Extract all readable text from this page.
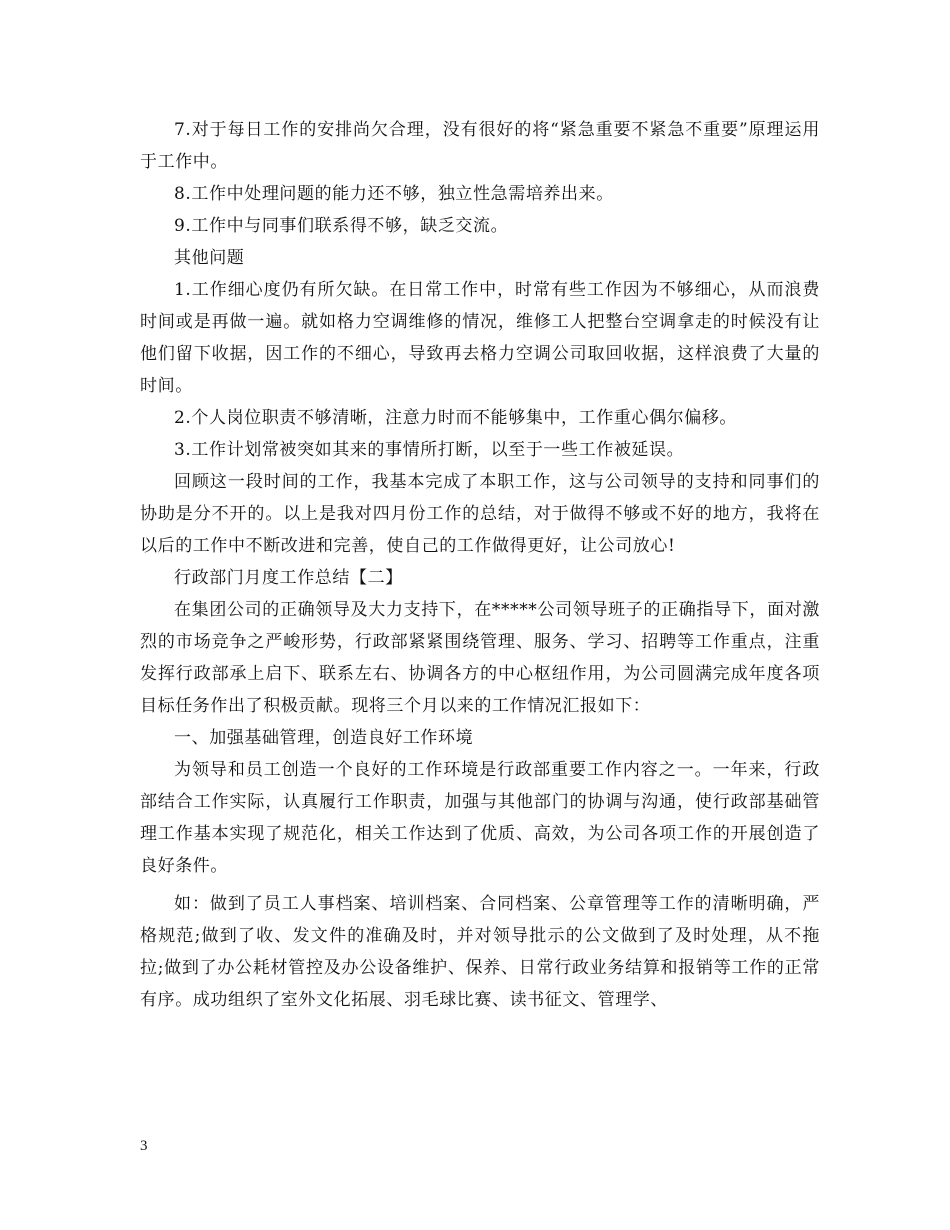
7.对于每日工作的安排尚欠合理，没有很好的将“紧急重要不紧急不重要”原理运用于工作中。

8.工作中处理问题的能力还不够，独立性急需培养出来。

9.工作中与同事们联系得不够，缺乏交流。

其他问题

1.工作细心度仍有所欠缺。在日常工作中，时常有些工作因为不够细心，从而浪费时间或是再做一遍。就如格力空调维修的情况，维修工人把整台空调拿走的时候没有让他们留下收据，因工作的不细心，导致再去格力空调公司取回收据，这样浪费了大量的时间。

2.个人岗位职责不够清晰，注意力时而不能够集中，工作重心偶尔偏移。

3.工作计划常被突如其来的事情所打断，以至于一些工作被延误。

回顾这一段时间的工作，我基本完成了本职工作，这与公司领导的支持和同事们的协助是分不开的。以上是我对四月份工作的总结，对于做得不够或不好的地方，我将在以后的工作中不断改进和完善，使自己的工作做得更好，让公司放心!

行政部门月度工作总结【二】

在集团公司的正确领导及大力支持下，在*****公司领导班子的正确指导下，面对激烈的市场竞争之严峻形势，行政部紧紧围绕管理、服务、学习、招聘等工作重点，注重发挥行政部承上启下、联系左右、协调各方的中心枢纽作用，为公司圆满完成年度各项目标任务作出了积极贡献。现将三个月以来的工作情况汇报如下：

一、加强基础管理，创造良好工作环境

为领导和员工创造一个良好的工作环境是行政部重要工作内容之一。一年来，行政部结合工作实际，认真履行工作职责，加强与其他部门的协调与沟通，使行政部基础管理工作基本实现了规范化，相关工作达到了优质、高效，为公司各项工作的开展创造了良好条件。

如：做到了员工人事档案、培训档案、合同档案、公章管理等工作的清晰明确，严格规范;做到了收、发文件的准确及时，并对领导批示的公文做到了及时处理，从不拖拉;做到了办公耗材管控及办公设备维护、保养、日常行政业务结算和报销等工作的正常有序。成功组织了室外文化拓展、羽毛球比赛、读书征文、管理学、

3
